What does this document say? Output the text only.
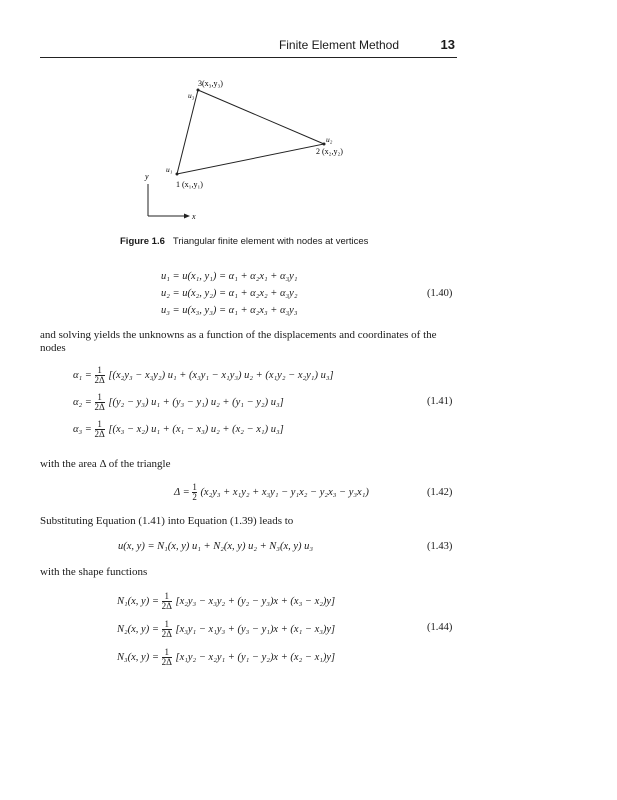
Finite Element Method	13
3(x₃,y₃)
u₃
u₂
2 (x₂,y₂)
u₁
1 (x₁,y₁)
y
x
Figure 1.6 Triangular finite element with nodes at vertices
u₁ = u(x₁, y₁) = α₁ + α₂x₁ + α₃y₁
u₂ = u(x₂, y₂) = α₁ + α₂x₂ + α₃y₂
u₃ = u(x₃, y₃) = α₁ + α₂x₃ + α₃y₃
(1.40)
and solving yields the unknowns as a function of the displacements and coordinates of the nodes
$\alpha_1 = \frac{1}{2\Delta} [(x_2y_3 - x_3y_2) u_1 + (x_3y_1 - x_1y_3) u_2 + (x_1y_2 - x_2y_1)$ u₃]
$\alpha_2 = \frac{1}{2\Delta} [(y_2 - y_3) u_1 + (y_3 - y_1) u_2 + (y_1 - y_2)$ u₃]
$\alpha_3 = \frac{1}{2\Delta} [(x_3 - x_2) u_1 + (x_1 - x_3) u_2 + (x_2 - x_1)$ u₃]
(1.41)
with the area Δ of the triangle
$\Delta = \frac{1}{2} (x_2y_3 + x_1y_2 + x_3y_1 - y_1x_2 - y_2x_3 - y_3x_1)$	(1.42)
Substituting Equation (1.41) into Equation (1.39) leads to
u(x, y) = N₁(x, y) u₁ + N₂(x, y) u₂ + N₃(x, y) u₃	(1.43)
with the shape functions
N₁(x, $y) = \frac{1}{2\Delta} [x_2y_3 - x_3y_2 + (y_2 - y_3)x + (x_3 - x_2)y]$
N₂(x, $y) = \frac{1}{2\Delta} [x_3y_1 - x_1y_3 + (y_3 - y_1)x + (x_1 - x_3)y]$
N₃(x, $y) = \frac{1}{2\Delta} [x_1y_2 - x_2y_1 + (y_1 - y_2)x + (x_2 - x_1)y]$
(1.44)
